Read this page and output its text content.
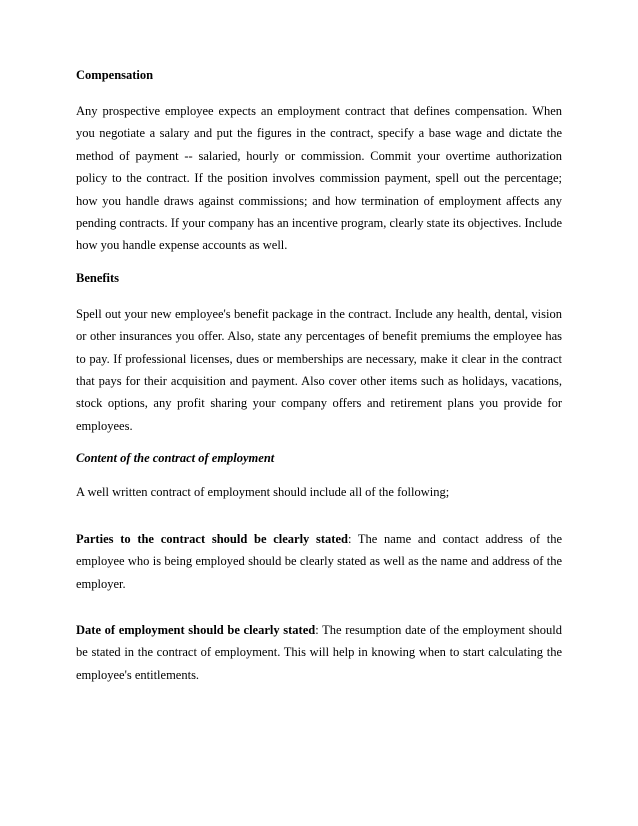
Compensation

Any prospective employee expects an employment contract that defines compensation. When you negotiate a salary and put the figures in the contract, specify a base wage and dictate the method of payment -- salaried, hourly or commission. Commit your overtime authorization policy to the contract. If the position involves commission payment, spell out the percentage; how you handle draws against commissions; and how termination of employment affects any pending contracts. If your company has an incentive program, clearly state its objectives. Include how you handle expense accounts as well.

Benefits

Spell out your new employee's benefit package in the contract. Include any health, dental, vision or other insurances you offer. Also, state any percentages of benefit premiums the employee has to pay. If professional licenses, dues or memberships are necessary, make it clear in the contract that pays for their acquisition and payment. Also cover other items such as holidays, vacations, stock options, any profit sharing your company offers and retirement plans you provide for employees.

Content of the contract of employment

A well written contract of employment should include all of the following;

Parties to the contract should be clearly stated: The name and contact address of the employee who is being employed should be clearly stated as well as the name and address of the employer.

Date of employment should be clearly stated: The resumption date of the employment should be stated in the contract of employment. This will help in knowing when to start calculating the employee's entitlements.
